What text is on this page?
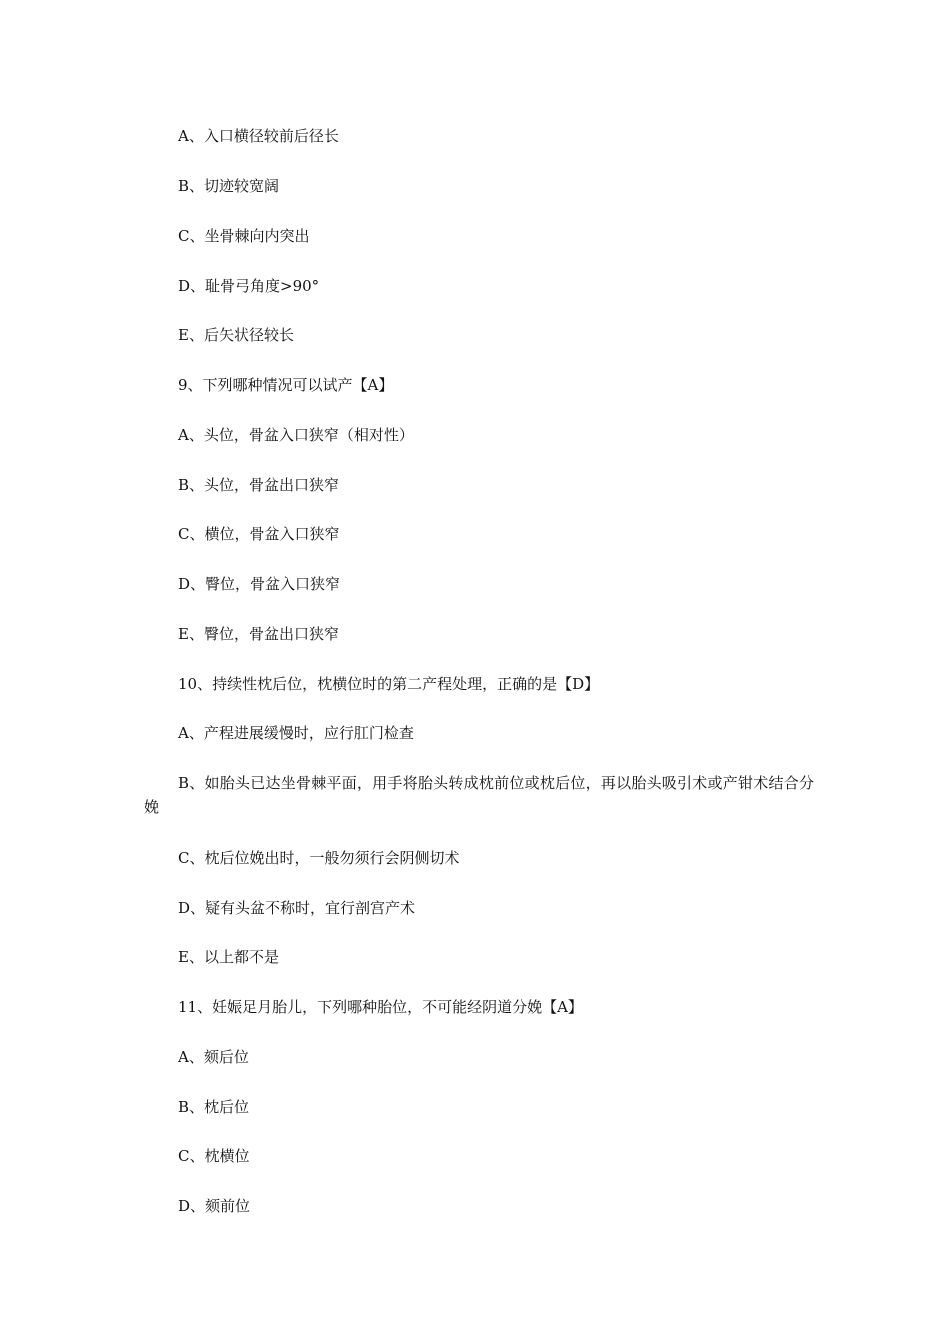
A、入口横径较前后径长
B、切迹较宽阔
C、坐骨棘向内突出
D、耻骨弓角度>90°
E、后矢状径较长
9、下列哪种情况可以试产【A】
A、头位，骨盆入口狭窄（相对性）
B、头位，骨盆出口狭窄
C、横位，骨盆入口狭窄
D、臀位，骨盆入口狭窄
E、臀位，骨盆出口狭窄
10、持续性枕后位，枕横位时的第二产程处理，正确的是【D】
A、产程进展缓慢时，应行肛门检查
B、如胎头已达坐骨棘平面，用手将胎头转成枕前位或枕后位，再以胎头吸引术或产钳术结合分娩
C、枕后位娩出时，一般勿须行会阴侧切术
D、疑有头盆不称时，宜行剖宫产术
E、以上都不是
11、妊娠足月胎儿，下列哪种胎位，不可能经阴道分娩【A】
A、颏后位
B、枕后位
C、枕横位
D、颏前位
